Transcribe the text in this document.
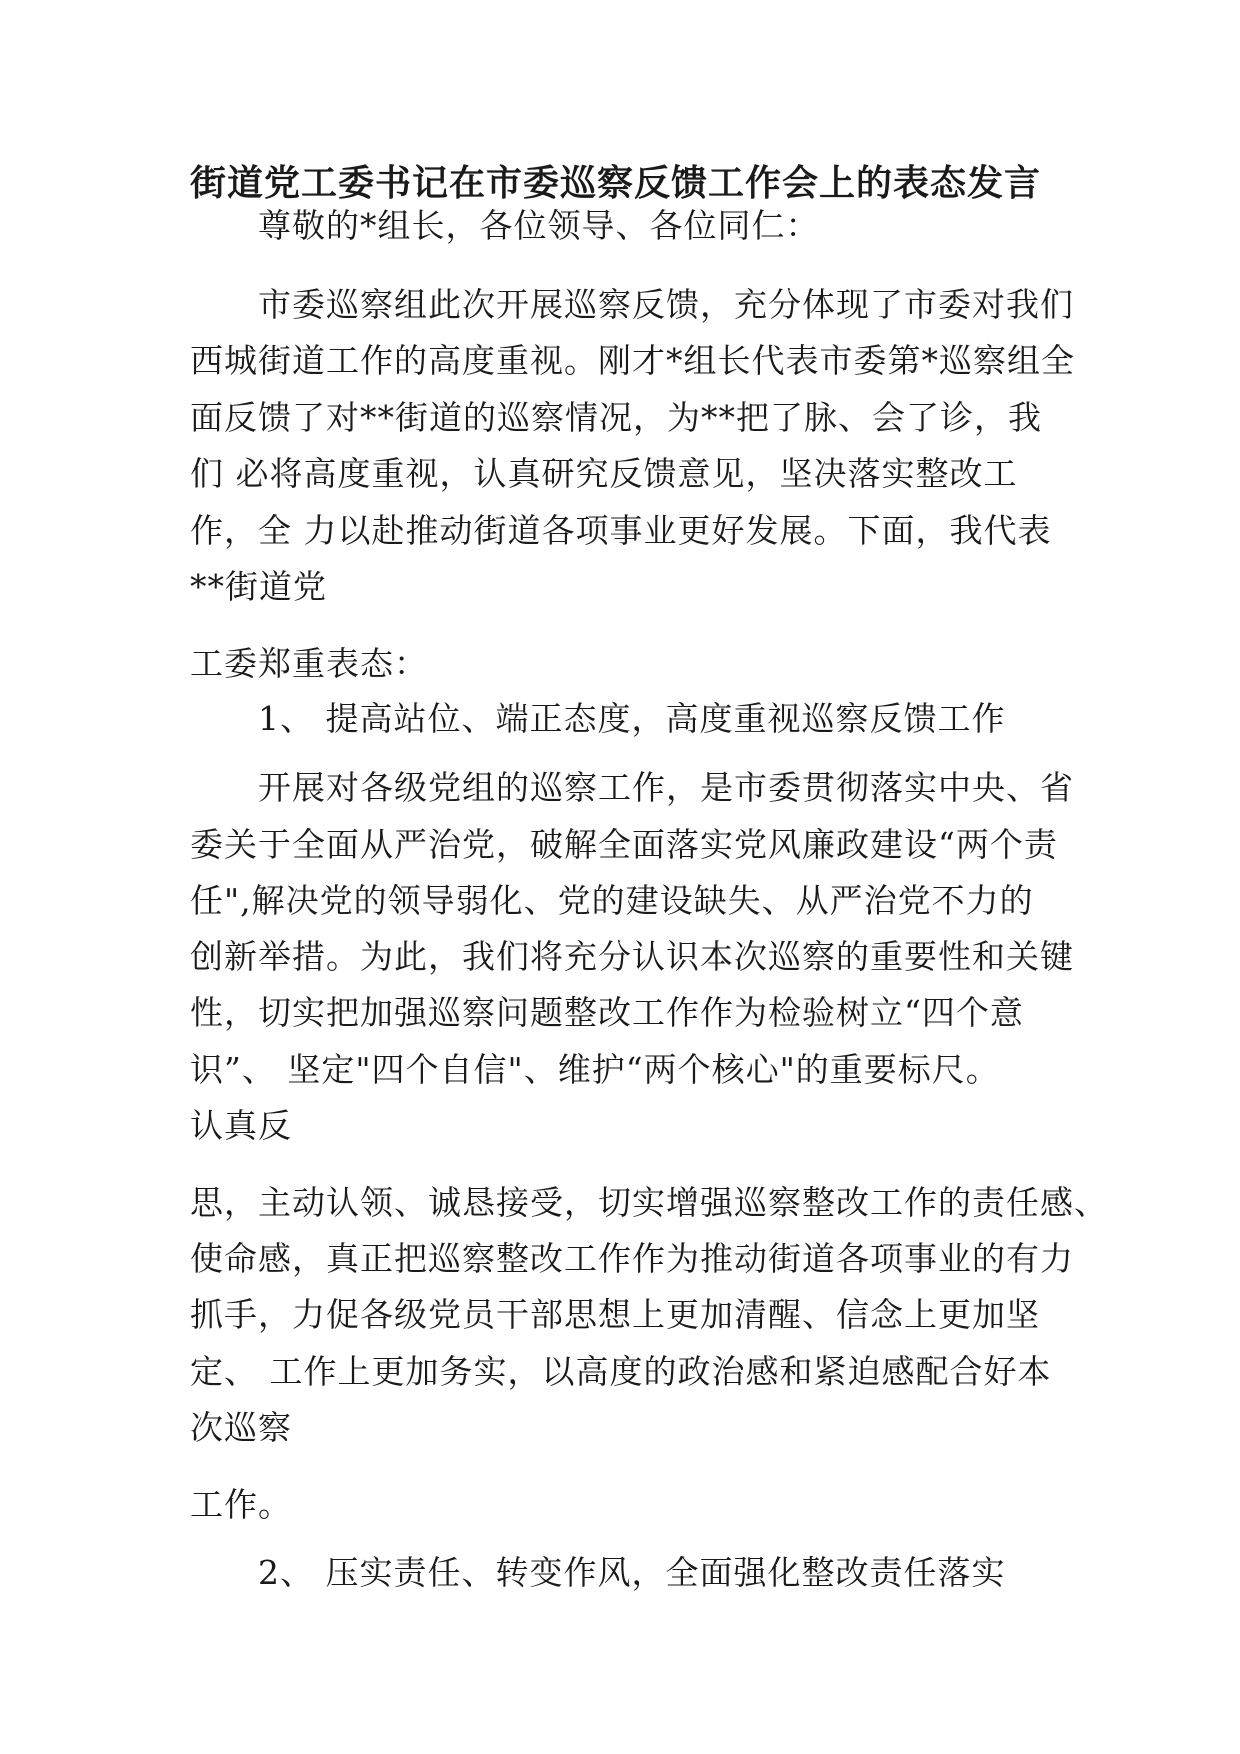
街道党工委书记在市委巡察反馈工作会上的表态发言

尊敬的*组长，各位领导、各位同仁：

市委巡察组此次开展巡察反馈，充分体现了市委对我们

西城街道工作的高度重视。刚才*组长代表市委第*巡察组全

面反馈了对**街道的巡察情况，为**把了脉、会了诊，我

们 必将高度重视，认真研究反馈意见，坚决落实整改工

作，全 力以赴推动街道各项事业更好发展。下面，我代表

**街道党

工委郑重表态：

1、 提高站位、端正态度，高度重视巡察反馈工作

开展对各级党组的巡察工作，是市委贯彻落实中央、省

委关于全面从严治党，破解全面落实党风廉政建设“两个责

任",解决党的领导弱化、党的建设缺失、从严治党不力的

创新举措。为此，我们将充分认识本次巡察的重要性和关键

性，切实把加强巡察问题整改工作作为检验树立“四个意

识”、 坚定"四个自信"、维护“两个核心"的重要标尺。

认真反

思，主动认领、诚恳接受，切实增强巡察整改工作的责任感、

使命感，真正把巡察整改工作作为推动街道各项事业的有力

抓手，力促各级党员干部思想上更加清醒、信念上更加坚

定、 工作上更加务实，以高度的政治感和紧迫感配合好本

次巡察

工作。

2、 压实责任、转变作风，全面强化整改责任落实
